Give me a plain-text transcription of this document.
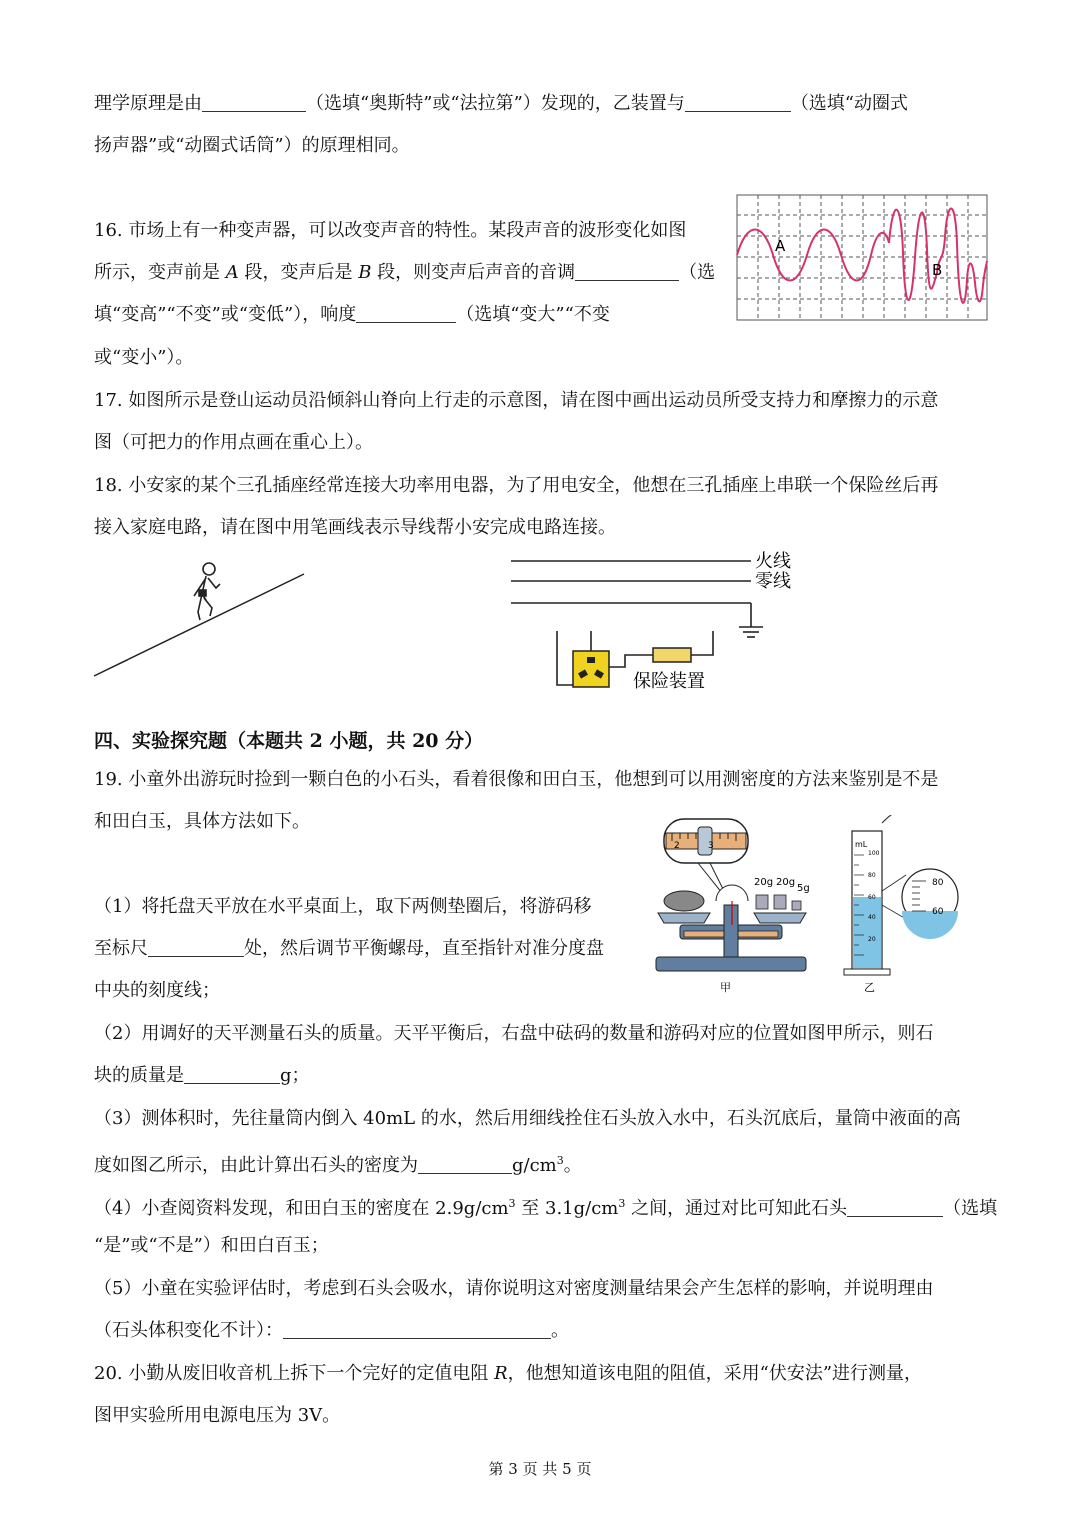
理学原理是由	（选填“奥斯特”或“法拉第”）发现的，乙装置与	（选填“动圈式
扬声器”或“动圈式话筒”）的原理相同。
16. 市场上有一种变声器，可以改变声音的特性。某段声音的波形变化如图
所示，变声前是 A 段，变声后是 B 段，则变声后声音的音调	（选
填“变高”“不变”或“变低”），响度	（选填“变大”“不变
或“变小”）。
A
B
17. 如图所示是登山运动员沿倾斜山脊向上行走的示意图，请在图中画出运动员所受支持力和摩擦力的示意
图（可把力的作用点画在重心上）。
18. 小安家的某个三孔插座经常连接大功率用电器，为了用电安全，他想在三孔插座上串联一个保险丝后再
接入家庭电路，请在图中用笔画线表示导线帮小安完成电路连接。
火线
零线
保险装置
四、实验探究题（本题共 2 小题，共 20 分）
19. 小童外出游玩时捡到一颗白色的小石头，看着很像和田白玉，他想到可以用测密度的方法来鉴别是不是
和田白玉，具体方法如下。
（1）将托盘天平放在水平桌面上，取下两侧垫圈后，将游码移
至标尺	处，然后调节平衡螺母，直至指针对准分度盘
中央的刻度线；
2	3
20g 20g
5g
甲
mL
100
80
60
40
20
80
60
乙
（2）用调好的天平测量石头的质量。天平平衡后，右盘中砝码的数量和游码对应的位置如图甲所示，则石
块的质量是	g；
（3）测体积时，先往量筒内倒入 40mL 的水，然后用细线拴住石头放入水中，石头沉底后，量筒中液面的高
度如图乙所示，由此计算出石头的密度为	$g/cm^3$。
（4）小查阅资料发现，和田白玉的密度在 $2.9g/cm^3$ 至 $3.1g/cm^3$ 之间，通过对比可知此石头	（选填
“是”或“不是”）和田白百玉；
（5）小童在实验评估时，考虑到石头会吸水，请你说明这对密度测量结果会产生怎样的影响，并说明理由
（石头体积变化不计）：	。
20. 小勤从废旧收音机上拆下一个完好的定值电阻 R，他想知道该电阻的阻值，采用“伏安法”进行测量，
图甲实验所用电源电压为 3V。
第 3 页 共 5 页
